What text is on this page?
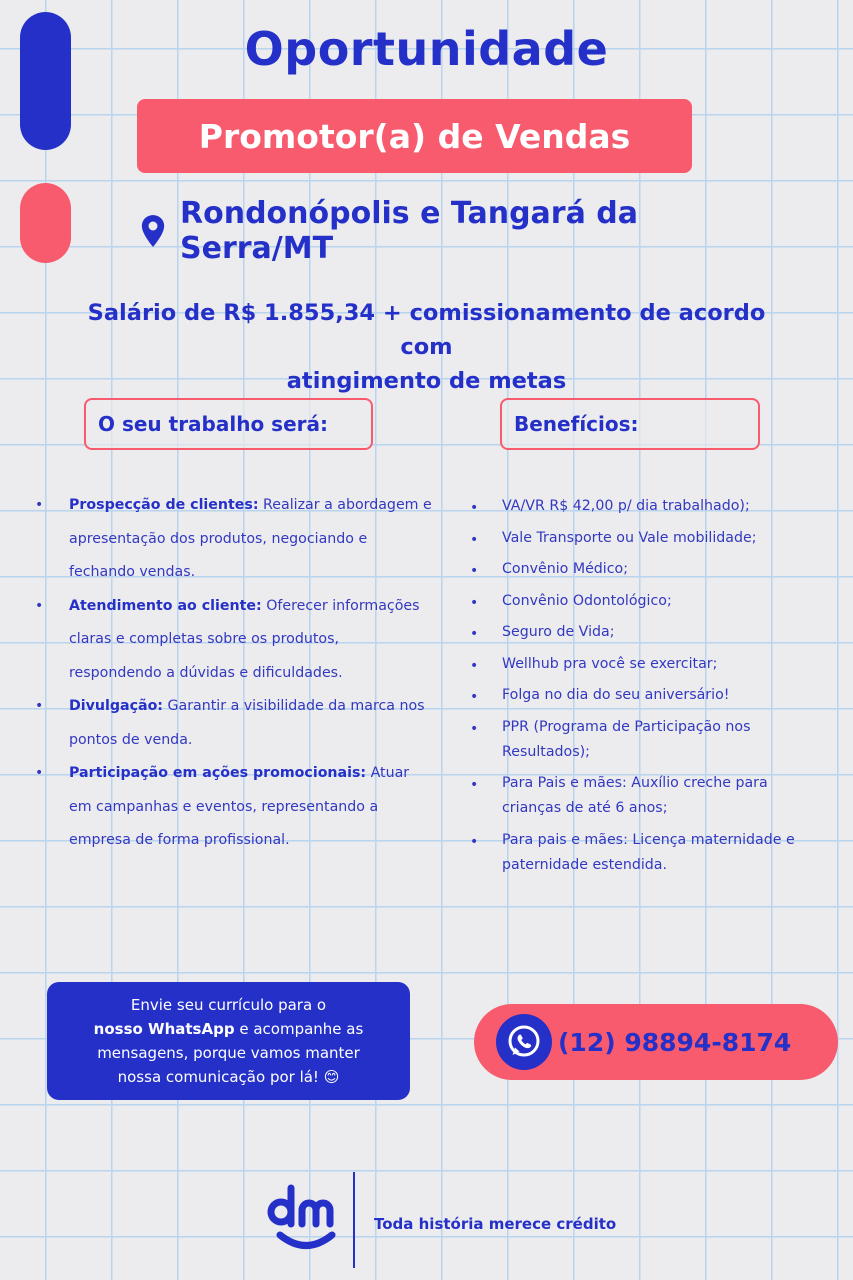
Oportunidade
Promotor(a) de Vendas
Rondonópolis e Tangará da Serra/MT
Salário de R$ 1.855,34 + comissionamento de acordo com
atingimento de metas
O seu trabalho será:	Benefícios:
• Prospecção de clientes: Realizar a abordagem e apresentação dos produtos, negociando e fechando vendas.
• Atendimento ao cliente: Oferecer informações claras e completas sobre os produtos, respondendo a dúvidas e dificuldades.
• Divulgação: Garantir a visibilidade da marca nos pontos de venda.
• Participação em ações promocionais: Atuar em campanhas e eventos, representando a empresa de forma profissional.
• VA/VR R$ 42,00 p/ dia trabalhado);
• Vale Transporte ou Vale mobilidade;
• Convênio Médico;
• Convênio Odontológico;
• Seguro de Vida;
• Wellhub pra você se exercitar;
• Folga no dia do seu aniversário!
• PPR (Programa de Participação nos Resultados);
• Para Pais e mães: Auxílio creche para crianças de até 6 anos;
• Para pais e mães: Licença maternidade e paternidade estendida.
Envie seu currículo para o
nosso WhatsApp e acompanhe as
mensagens, porque vamos manter
nossa comunicação por lá! 😊
(12) 98894-8174
Toda história merece crédito
